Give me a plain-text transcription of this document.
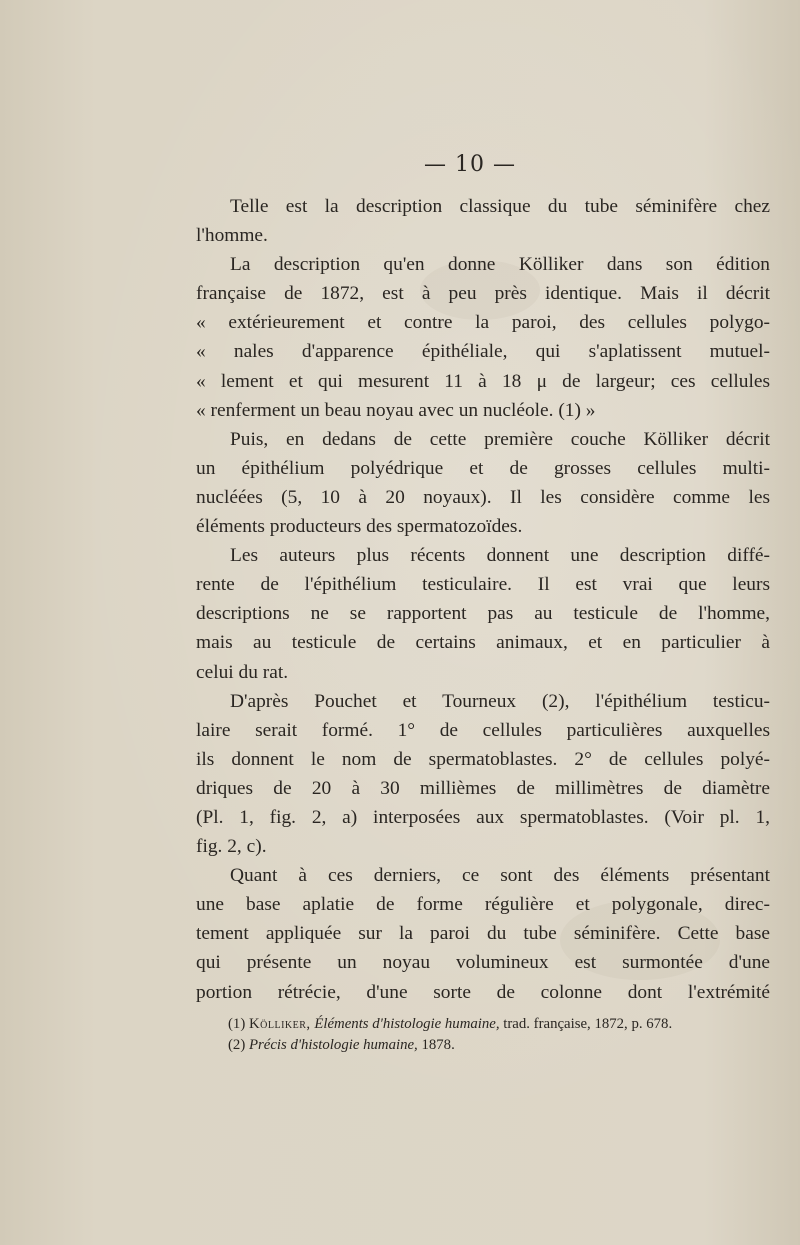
— 10 —
Telle est la description classique du tube séminifère chez
l'homme.
La description qu'en donne Kölliker dans son édition
française de 1872, est à peu près identique. Mais il décrit
« extérieurement et contre la paroi, des cellules polygo-
« nales d'apparence épithéliale, qui s'aplatissent mutuel-
« lement et qui mesurent 11 à 18 μ de largeur; ces cellules
« renferment un beau noyau avec un nucléole. (1) »
Puis, en dedans de cette première couche Kölliker décrit
un épithélium polyédrique et de grosses cellules multi-
nucléées (5, 10 à 20 noyaux). Il les considère comme les
éléments producteurs des spermatozoïdes.
Les auteurs plus récents donnent une description diffé-
rente de l'épithélium testiculaire. Il est vrai que leurs
descriptions ne se rapportent pas au testicule de l'homme,
mais au testicule de certains animaux, et en particulier à
celui du rat.
D'après Pouchet et Tourneux (2), l'épithélium testicu-
laire serait formé. 1° de cellules particulières auxquelles
ils donnent le nom de spermatoblastes. 2° de cellules polyé-
driques de 20 à 30 millièmes de millimètres de diamètre
(Pl. 1, fig. 2, a) interposées aux spermatoblastes. (Voir pl. 1,
fig. 2, c).
Quant à ces derniers, ce sont des éléments présentant
une base aplatie de forme régulière et polygonale, direc-
tement appliquée sur la paroi du tube séminifère. Cette base
qui présente un noyau volumineux est surmontée d'une
portion rétrécie, d'une sorte de colonne dont l'extrémité
(1) Kölliker, Éléments d'histologie humaine, trad. française, 1872, p. 678.
(2) Précis d'histologie humaine, 1878.
